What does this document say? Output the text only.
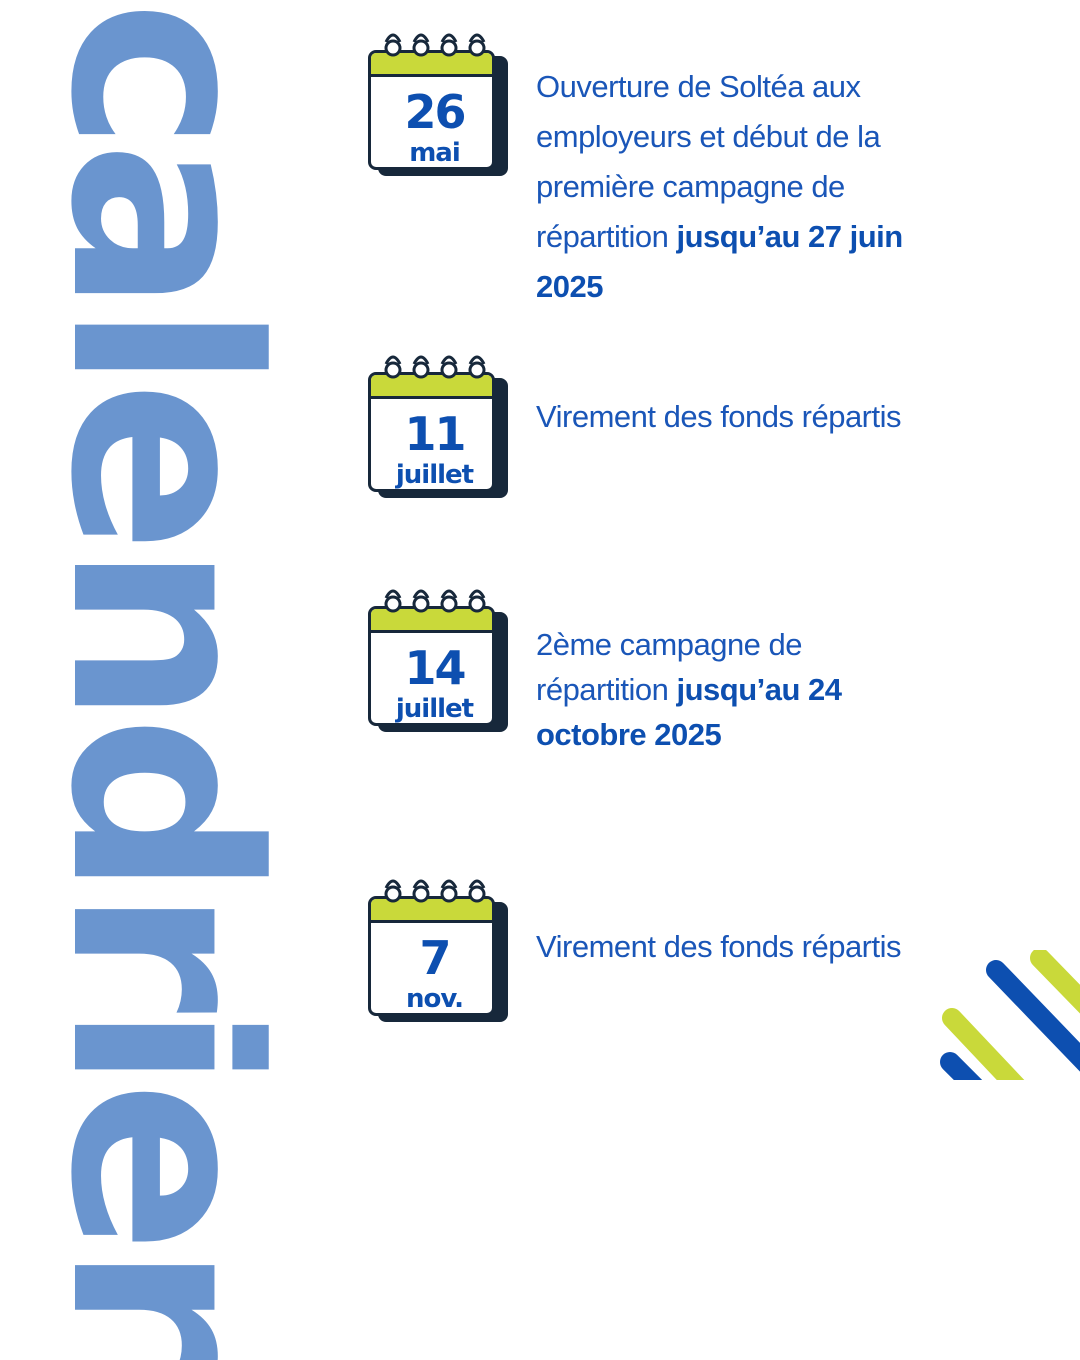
calendrier	26
mai
Ouverture de Soltéa aux employeurs et début de la première campagne de répartition jusqu’au 27 juin 2025
11
juillet
Virement des fonds répartis
14
juillet
2ème campagne de répartition jusqu’au 24 octobre 2025
7
nov.
Virement des fonds répartis
